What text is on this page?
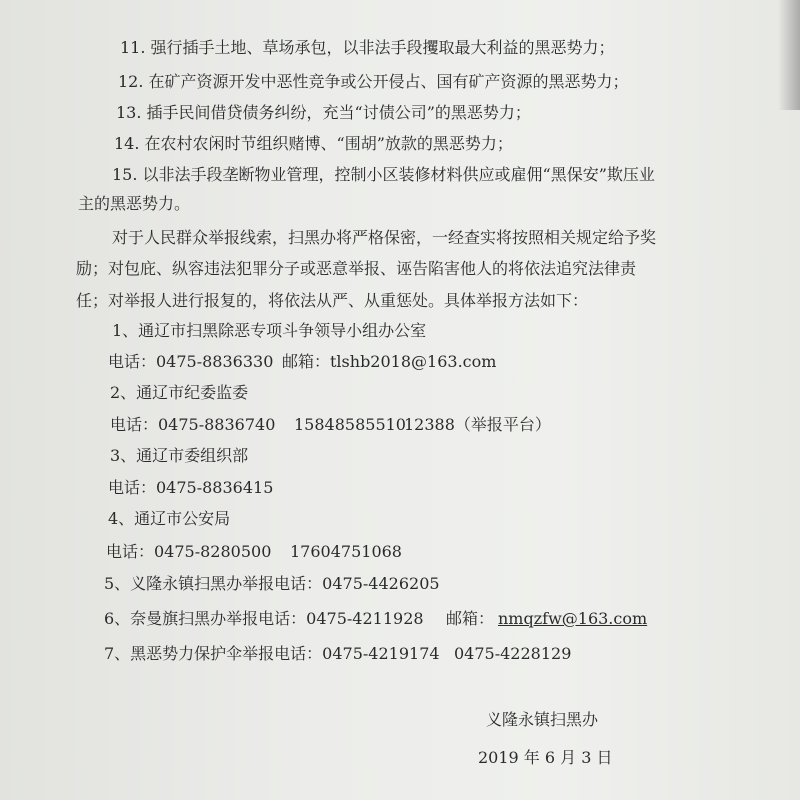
11. 强行插手土地、草场承包，以非法手段攫取最大利益的黑恶势力；
12. 在矿产资源开发中恶性竞争或公开侵占、国有矿产资源的黑恶势力；
13. 插手民间借贷债务纠纷，充当“讨债公司”的黑恶势力；
14. 在农村农闲时节组织赌博、“围胡”放款的黑恶势力；
15. 以非法手段垄断物业管理，控制小区装修材料供应或雇佣“黑保安”欺压业
主的黑恶势力。
对于人民群众举报线索，扫黑办将严格保密，一经查实将按照相关规定给予奖
励；对包庇、纵容违法犯罪分子或恶意举报、诬告陷害他人的将依法追究法律责
任；对举报人进行报复的，将依法从严、从重惩处。具体举报方法如下：
1、通辽市扫黑除恶专项斗争领导小组办公室
电话：0475-8836330 邮箱：tlshb2018@163.com
2、通辽市纪委监委
电话：0475-8836740 15848585510
12388（举报平台）
3、通辽市委组织部
电话：0475-8836415
4、通辽市公安局
电话：0475-8280500 17604751068
5、义隆永镇扫黑办举报电话：0475-4426205
6、奈曼旗扫黑办举报电话：0475-4211928 邮箱： nmqzfw@163.com
7、黑恶势力保护伞举报电话：0475-4219174 0475-4228129
义隆永镇扫黑办
2019 年 6 月 3 日
